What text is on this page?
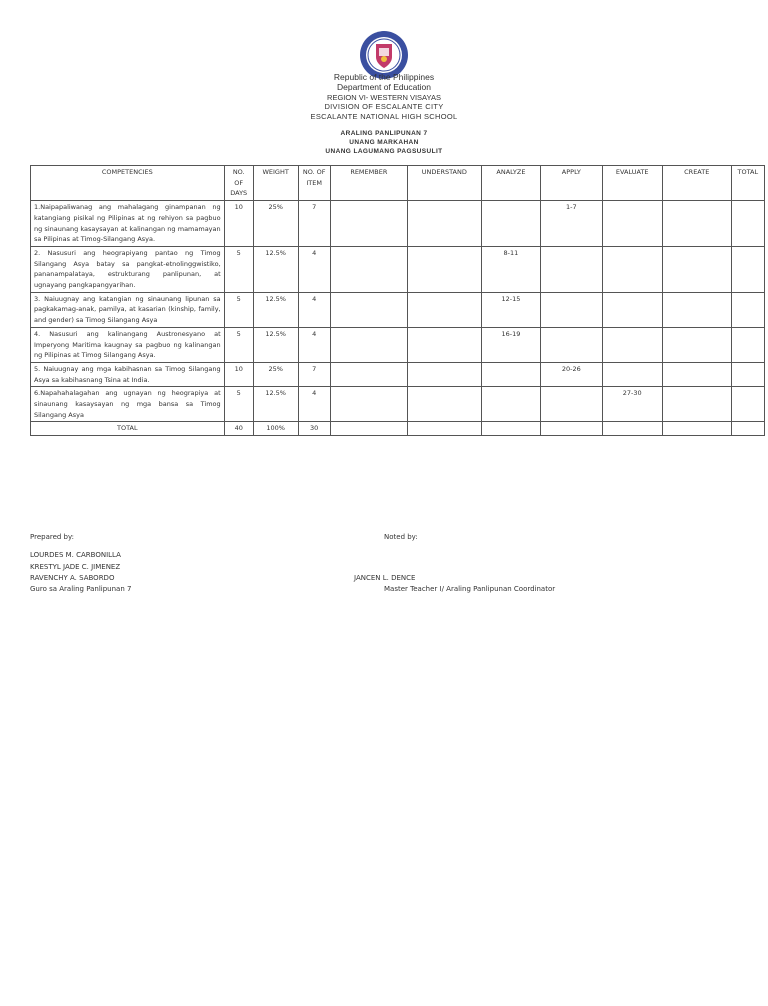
Republic of the Philippines
Department of Education
REGION VI- WESTERN VISAYAS
DIVISION OF ESCALANTE CITY
ESCALANTE NATIONAL HIGH SCHOOL
ARALING PANLIPUNAN 7
UNANG MARKAHAN
UNANG LAGUMANG PAGSUSULIT
COMPETENCIES	NO. OF DAYS	WEIGHT	NO. OF ITEM	REMEMBER	UNDERSTAND	ANALYZE	APPLY	EVALUATE	CREATE	TOTAL
1.Naipapaliwanag ang mahalagang ginampanan ng katangiang pisikal ng Pilipinas at ng rehiyon sa pagbuo ng sinaunang kasaysayan at kalinangan ng mamamayan sa Pilipinas at Timog-Silangang Asya.	10	25%	7				1-7			
2. Nasusuri ang heograpiyang pantao ng Timog Silangang Asya batay sa pangkat-etnolinggwistiko, pananampalataya, estrukturang panlipunan, at ugnayang pangkapangyarihan.	5	12.5%	4			8-11				
3. Naiuugnay ang katangian ng sinaunang lipunan sa pagkakamag-anak, pamilya, at kasarian (kinship, family, and gender) sa Timog Silangang Asya	5	12.5%	4			12-15				
4. Nasusuri ang kalinangang Austronesyano at Imperyong Maritima kaugnay sa pagbuo ng kalinangan ng Pilipinas at Timog Silangang Asya.	5	12.5%	4			16-19				
5. Naiuugnay ang mga kabihasnan sa Timog Silangang Asya sa kabihasnang Tsina at India.	10	25%	7				20-26			
6.Napahahalagahan ang ugnayan ng heograpiya at sinaunang kasaysayan ng mga bansa sa Timog Silangang Asya	5	12.5%	4					27-30		
TOTAL	40	100%	30							
Prepared by:	Noted by:
LOURDES M. CARBONILLA
KRESTYL JADE C. JIMENEZ
RAVENCHY A. SABORDO	JANCEN L. DENCE
Guro sa Araling Panlipunan 7	Master Teacher I/ Araling Panlipunan Coordinator
